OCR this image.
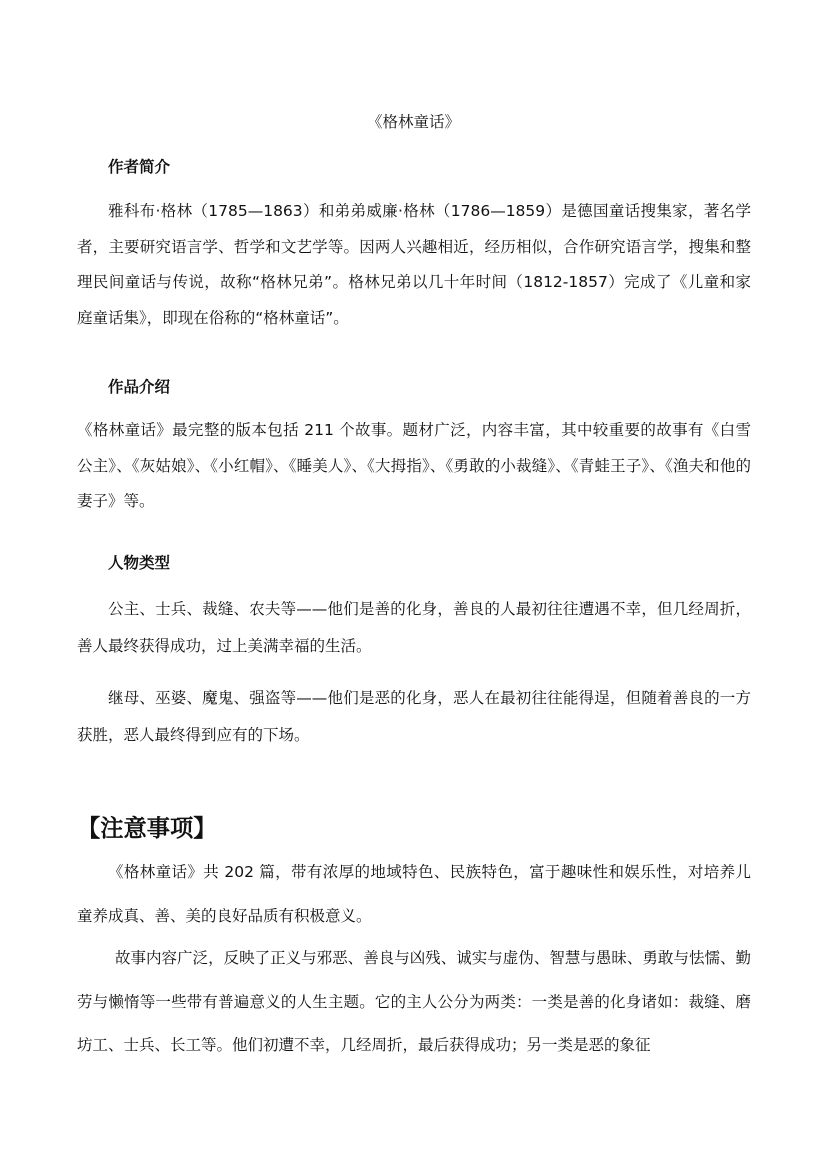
《格林童话》
作者简介

雅科布·格林（1785—1863）和弟弟威廉·格林（1786—1859）是德国童话搜集家，著名学者，主要研究语言学、哲学和文艺学等。因两人兴趣相近，经历相似，合作研究语言学，搜集和整理民间童话与传说，故称“格林兄弟”。格林兄弟以几十年时间（1812-1857）完成了《儿童和家庭童话集》，即现在俗称的“格林童话”。

作品介绍

《格林童话》最完整的版本包括 211 个故事。题材广泛，内容丰富，其中较重要的故事有《白雪公主》、《灰姑娘》、《小红帽》、《睡美人》、《大拇指》、《勇敢的小裁缝》、《青蛙王子》、《渔夫和他的妻子》等。

人物类型

公主、士兵、裁缝、农夫等——他们是善的化身，善良的人最初往往遭遇不幸，但几经周折，善人最终获得成功，过上美满幸福的生活。

继母、巫婆、魔鬼、强盗等——他们是恶的化身，恶人在最初往往能得逞，但随着善良的一方获胜，恶人最终得到应有的下场。

【注意事项】

《格林童话》共 202 篇，带有浓厚的地域特色、民族特色，富于趣味性和娱乐性，对培养儿童养成真、善、美的良好品质有积极意义。

故事内容广泛，反映了正义与邪恶、善良与凶残、诚实与虚伪、智慧与愚昧、勇敢与怯懦、勤劳与懒惰等一些带有普遍意义的人生主题。它的主人公分为两类：一类是善的化身诸如：裁缝、磨坊工、士兵、长工等。他们初遭不幸，几经周折，最后获得成功；另一类是恶的象征
